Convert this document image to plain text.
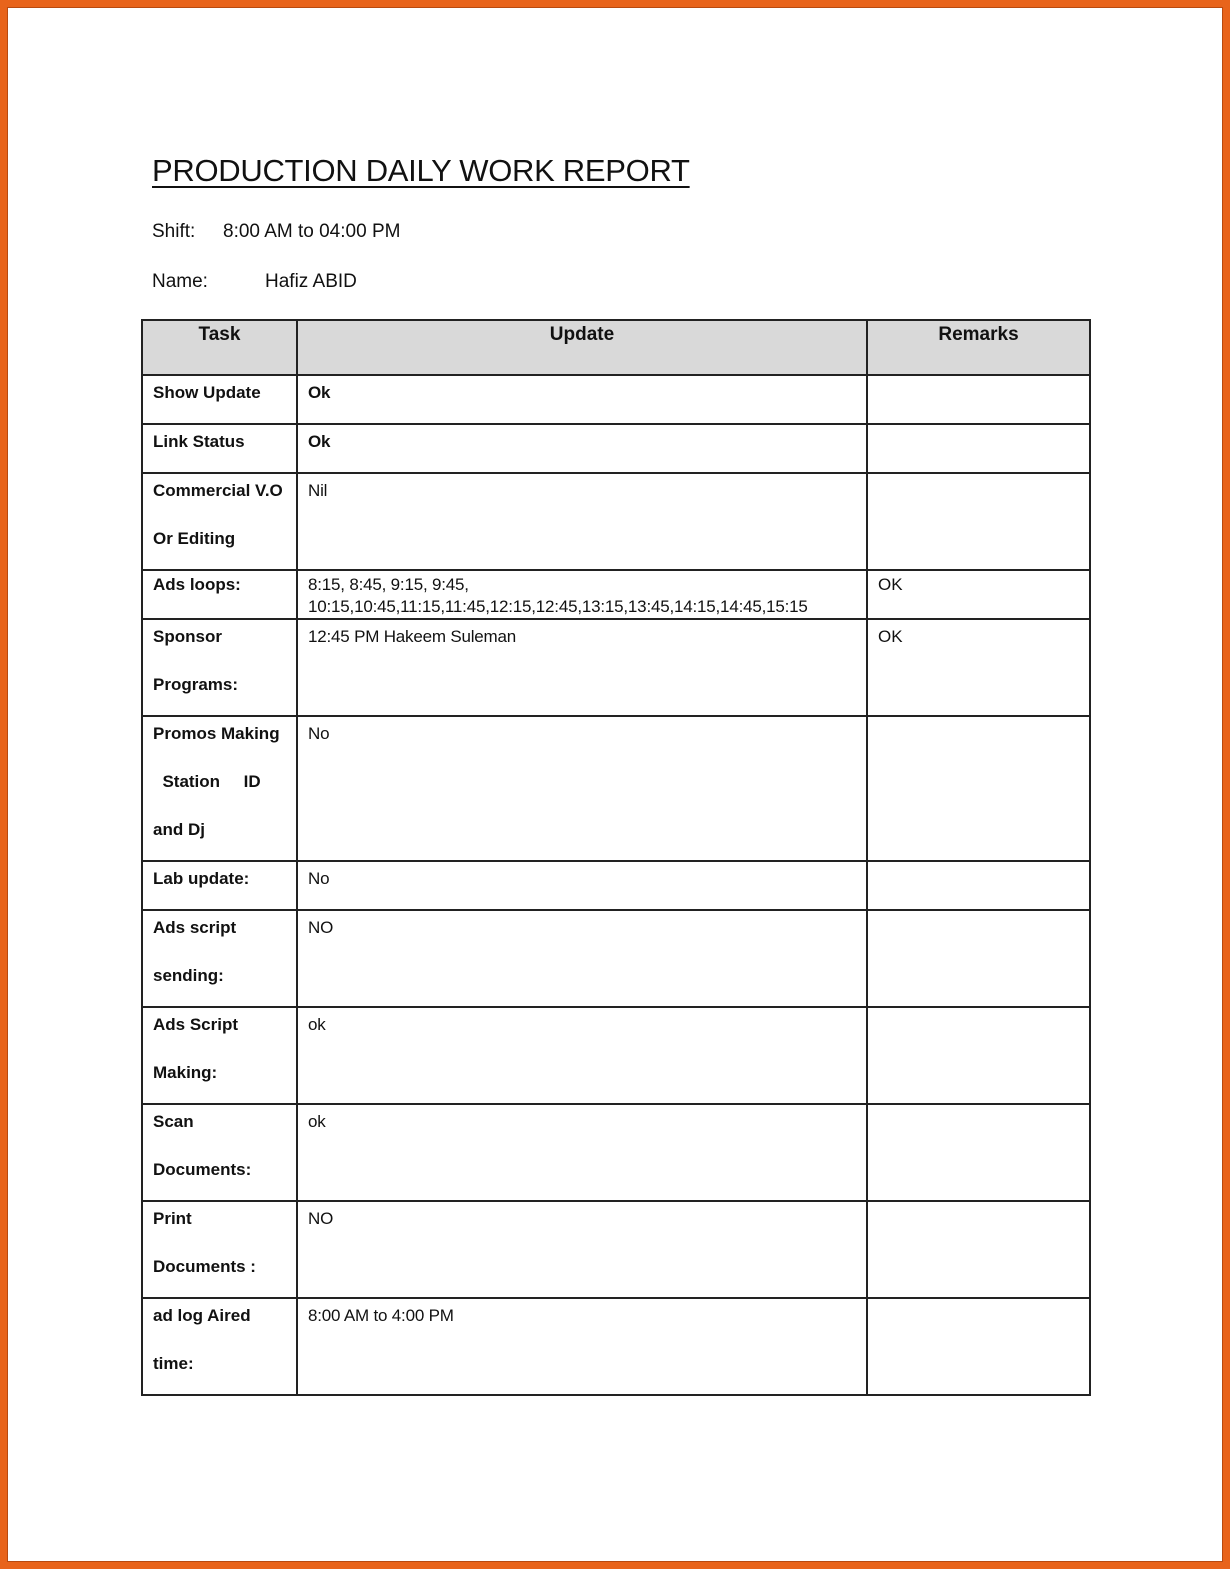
PRODUCTION DAILY WORK REPORT
Shift: 8:00 AM to 04:00 PM
Name:	Hafiz ABID
Task	Update	Remarks

Show Update	Ok	

Link Status	Ok	

Commercial V.O
Or Editing	Nil	

Ads loops:	8:15, 8:45, 9:15, 9:45,
10:15,10:45,11:15,11:45,12:15,12:45,13:15,13:45,14:15,14:45,15:15	OK

Sponsor
Programs:	12:45 PM Hakeem Suleman	OK

Promos Making
Station     ID
and Dj	No	

Lab update:	No	

Ads script
sending:	NO	

Ads Script
Making:	ok	

Scan
Documents:	ok	

Print
Documents :	NO	

ad log Aired
time:	8:00 AM to 4:00 PM	
